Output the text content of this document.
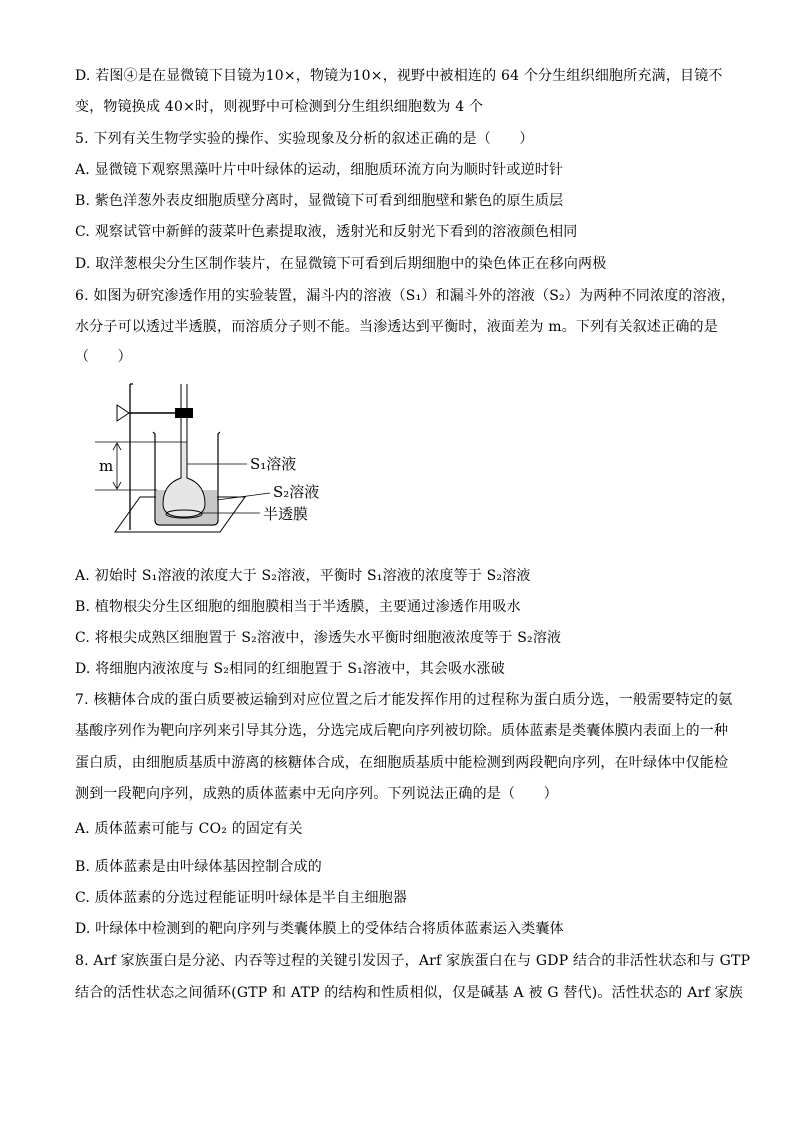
D. 若图④是在显微镜下目镜为10×，物镜为10×，视野中被相连的 64 个分生组织细胞所充满，目镜不
变，物镜换成 40×时，则视野中可检测到分生组织细胞数为 4 个
5. 下列有关生物学实验的操作、实验现象及分析的叙述正确的是（　　）
A. 显微镜下观察黑藻叶片中叶绿体的运动，细胞质环流方向为顺时针或逆时针
B. 紫色洋葱外表皮细胞质壁分离时，显微镜下可看到细胞壁和紫色的原生质层
C. 观察试管中新鲜的菠菜叶色素提取液，透射光和反射光下看到的溶液颜色相同
D. 取洋葱根尖分生区制作装片，在显微镜下可看到后期细胞中的染色体正在移向两极
6. 如图为研究渗透作用的实验装置，漏斗内的溶液（S₁）和漏斗外的溶液（S₂）为两种不同浓度的溶液，
水分子可以透过半透膜，而溶质分子则不能。当渗透达到平衡时，液面差为 m。下列有关叙述正确的是
（　　）
m	S₁溶液
S₂溶液
半透膜
A. 初始时 S₁溶液的浓度大于 S₂溶液，平衡时 S₁溶液的浓度等于 S₂溶液
B. 植物根尖分生区细胞的细胞膜相当于半透膜，主要通过渗透作用吸水
C. 将根尖成熟区细胞置于 S₂溶液中，渗透失水平衡时细胞液浓度等于 S₂溶液
D. 将细胞内液浓度与 S₂相同的红细胞置于 S₁溶液中，其会吸水涨破
7. 核糖体合成的蛋白质要被运输到对应位置之后才能发挥作用的过程称为蛋白质分选，一般需要特定的氨
基酸序列作为靶向序列来引导其分选，分选完成后靶向序列被切除。质体蓝素是类囊体膜内表面上的一种
蛋白质，由细胞质基质中游离的核糖体合成，在细胞质基质中能检测到两段靶向序列，在叶绿体中仅能检
测到一段靶向序列，成熟的质体蓝素中无向序列。下列说法正确的是（　　）
A. 质体蓝素可能与 CO₂ 的固定有关
B. 质体蓝素是由叶绿体基因控制合成的
C. 质体蓝素的分选过程能证明叶绿体是半自主细胞器
D. 叶绿体中检测到的靶向序列与类囊体膜上的受体结合将质体蓝素运入类囊体
8. Arf 家族蛋白是分泌、内吞等过程的关键引发因子，Arf 家族蛋白在与 GDP 结合的非活性状态和与 GTP
结合的活性状态之间循环(GTP 和 ATP 的结构和性质相似，仅是碱基 A 被 G 替代)。活性状态的 Arf 家族
